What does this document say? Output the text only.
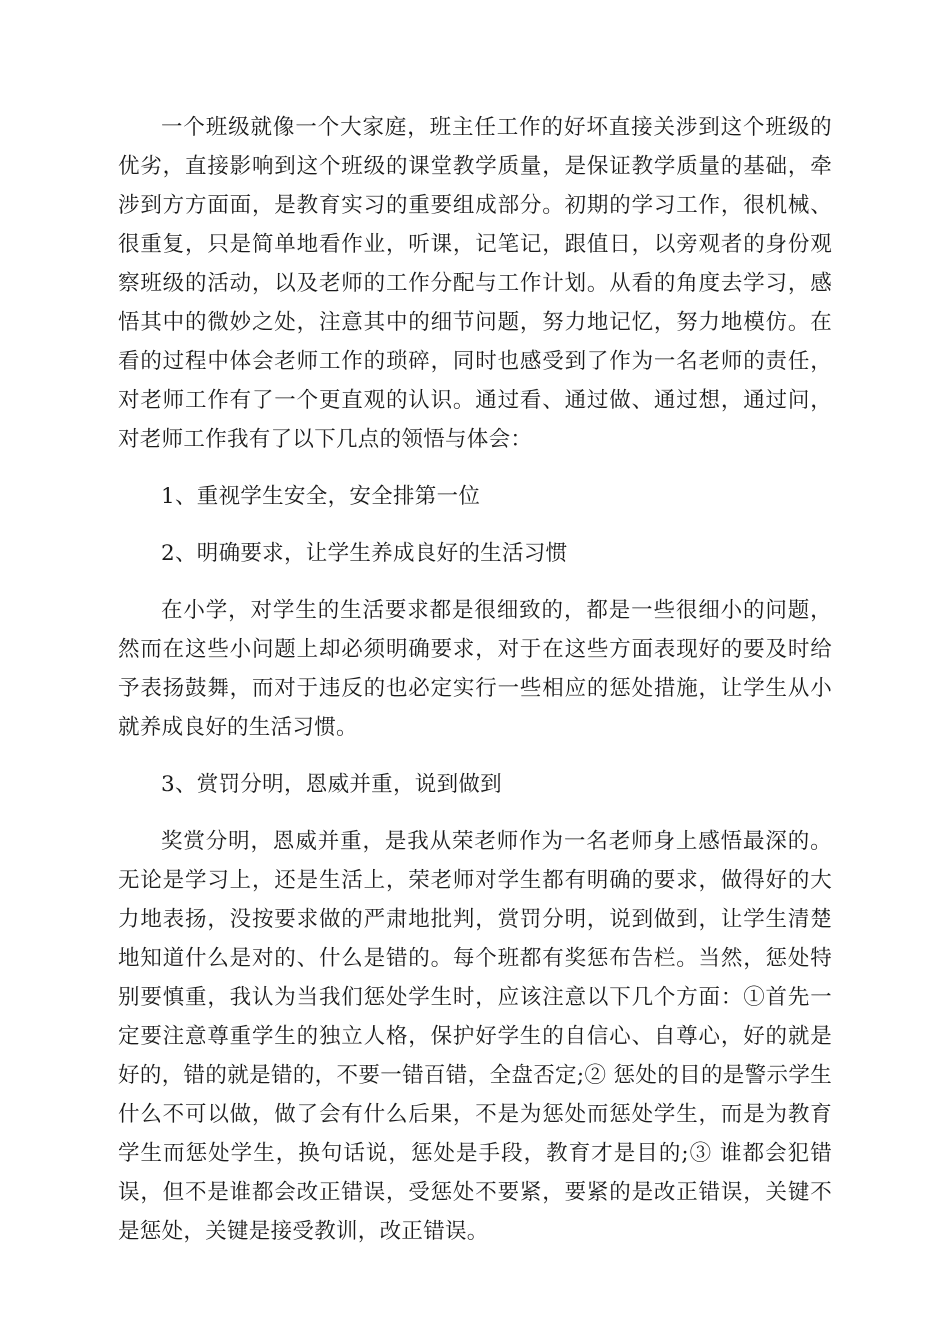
一个班级就像一个大家庭，班主任工作的好坏直接关涉到这个班级的优劣，直接影响到这个班级的课堂教学质量，是保证教学质量的基础，牵涉到方方面面，是教育实习的重要组成部分。初期的学习工作，很机械、很重复，只是简单地看作业，听课，记笔记，跟值日，以旁观者的身份观察班级的活动，以及老师的工作分配与工作计划。从看的角度去学习，感悟其中的微妙之处，注意其中的细节问题，努力地记忆，努力地模仿。在看的过程中体会老师工作的琐碎，同时也感受到了作为一名老师的责任，对老师工作有了一个更直观的认识。通过看、通过做、通过想，通过问，对老师工作我有了以下几点的领悟与体会：

1、重视学生安全，安全排第一位

2、明确要求，让学生养成良好的生活习惯

在小学，对学生的生活要求都是很细致的，都是一些很细小的问题，然而在这些小问题上却必须明确要求，对于在这些方面表现好的要及时给予表扬鼓舞，而对于违反的也必定实行一些相应的惩处措施，让学生从小就养成良好的生活习惯。

3、赏罚分明，恩威并重，说到做到

奖赏分明，恩威并重，是我从荣老师作为一名老师身上感悟最深的。无论是学习上，还是生活上，荣老师对学生都有明确的要求，做得好的大力地表扬，没按要求做的严肃地批判，赏罚分明，说到做到，让学生清楚地知道什么是对的、什么是错的。每个班都有奖惩布告栏。当然，惩处特别要慎重，我认为当我们惩处学生时，应该注意以下几个方面：①首先一定要注意尊重学生的独立人格，保护好学生的自信心、自尊心，好的就是好的，错的就是错的，不要一错百错，全盘否定;② 惩处的目的是警示学生什么不可以做，做了会有什么后果，不是为惩处而惩处学生，而是为教育学生而惩处学生，换句话说，惩处是手段，教育才是目的;③ 谁都会犯错误，但不是谁都会改正错误，受惩处不要紧，要紧的是改正错误，关键不是惩处，关键是接受教训，改正错误。
